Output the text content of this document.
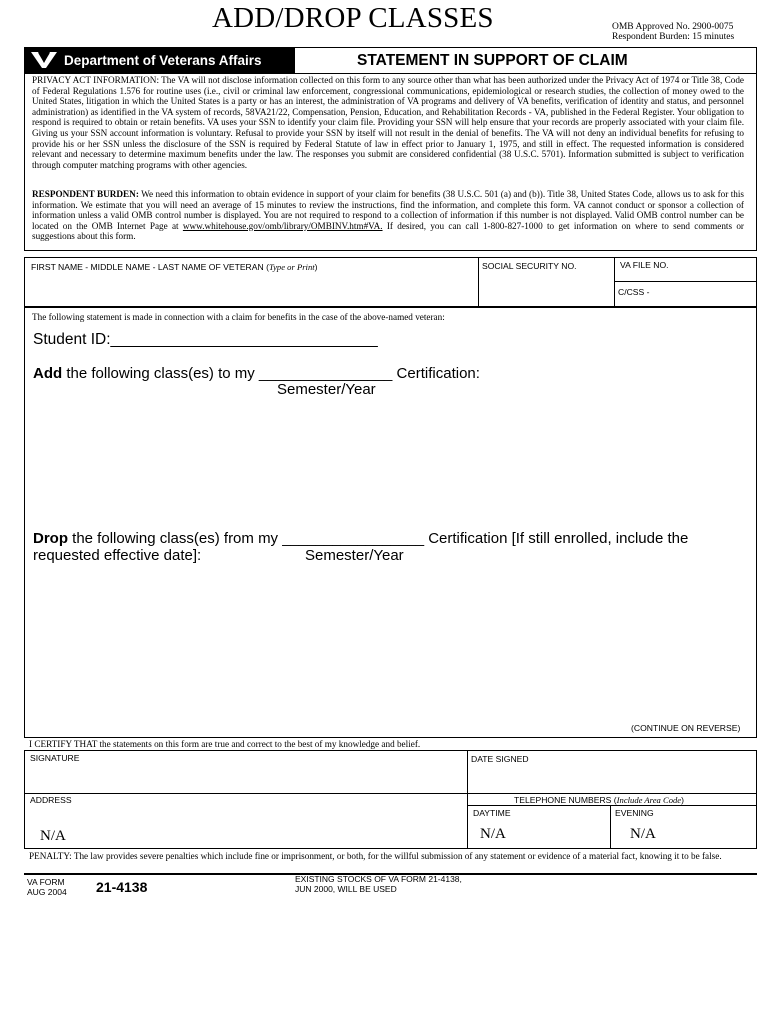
ADD/DROP CLASSES	OMB Approved No. 2900-0075
Respondent Burden: 15 minutes
Department of Veterans Affairs	STATEMENT IN SUPPORT OF CLAIM
PRIVACY ACT INFORMATION: The VA will not disclose information collected on this form to any source other than what has been authorized under the Privacy Act of 1974 or Title 38, Code of Federal Regulations 1.576 for routine uses (i.e., civil or criminal law enforcement, congressional communications, epidemiological or research studies, the collection of money owed to the United States, litigation in which the United States is a party or has an interest, the administration of VA programs and delivery of VA benefits, verification of identity and status, and personnel administration) as identified in the VA system of records, 58VA21/22, Compensation, Pension, Education, and Rehabilitation Records - VA, published in the Federal Register. Your obligation to respond is required to obtain or retain benefits. VA uses your SSN to identify your claim file. Providing your SSN will help ensure that your records are properly associated with your claim file. Giving us your SSN account information is voluntary. Refusal to provide your SSN by itself will not result in the denial of benefits. The VA will not deny an individual benefits for refusing to provide his or her SSN unless the disclosure of the SSN is required by Federal Statute of law in effect prior to January 1, 1975, and still in effect. The requested information is considered relevant and necessary to determine maximum benefits under the law. The responses you submit are considered confidential (38 U.S.C. 5701). Information submitted is subject to verification through computer matching programs with other agencies.
RESPONDENT BURDEN: We need this information to obtain evidence in support of your claim for benefits (38 U.S.C. 501 (a) and (b)). Title 38, United States Code, allows us to ask for this information. We estimate that you will need an average of 15 minutes to review the instructions, find the information, and complete this form. VA cannot conduct or sponsor a collection of information unless a valid OMB control number is displayed. You are not required to respond to a collection of information if this number is not displayed. Valid OMB control number can be located on the OMB Internet Page at www.whitehouse.gov/omb/library/OMBINV.htm#VA. If desired, you can call 1-800-827-1000 to get information on where to send comments or suggestions about this form.
FIRST NAME - MIDDLE NAME - LAST NAME OF VETERAN (Type or Print)	SOCIAL SECURITY NO.	VA FILE NO.
C/CSS -
The following statement is made in connection with a claim for benefits in the case of the above-named veteran:
Student ID:_______________________________
Add the following class(es) to my ________________ Certification:
Semester/Year
Drop the following class(es) from my _________________ Certification [If still enrolled, include the
requested effective date]:	Semester/Year
(CONTINUE ON REVERSE)
I CERTIFY THAT the statements on this form are true and correct to the best of my knowledge and belief.
SIGNATURE	DATE SIGNED
ADDRESS
N/A
TELEPHONE NUMBERS (Include Area Code)
DAYTIME
N/A
EVENING
N/A
PENALTY: The law provides severe penalties which include fine or imprisonment, or both, for the willful submission of any statement or evidence of a material fact, knowing it to be false.
VA FORM
AUG 2004 21-4138	EXISTING STOCKS OF VA FORM 21-4138,
JUN 2000, WILL BE USED
